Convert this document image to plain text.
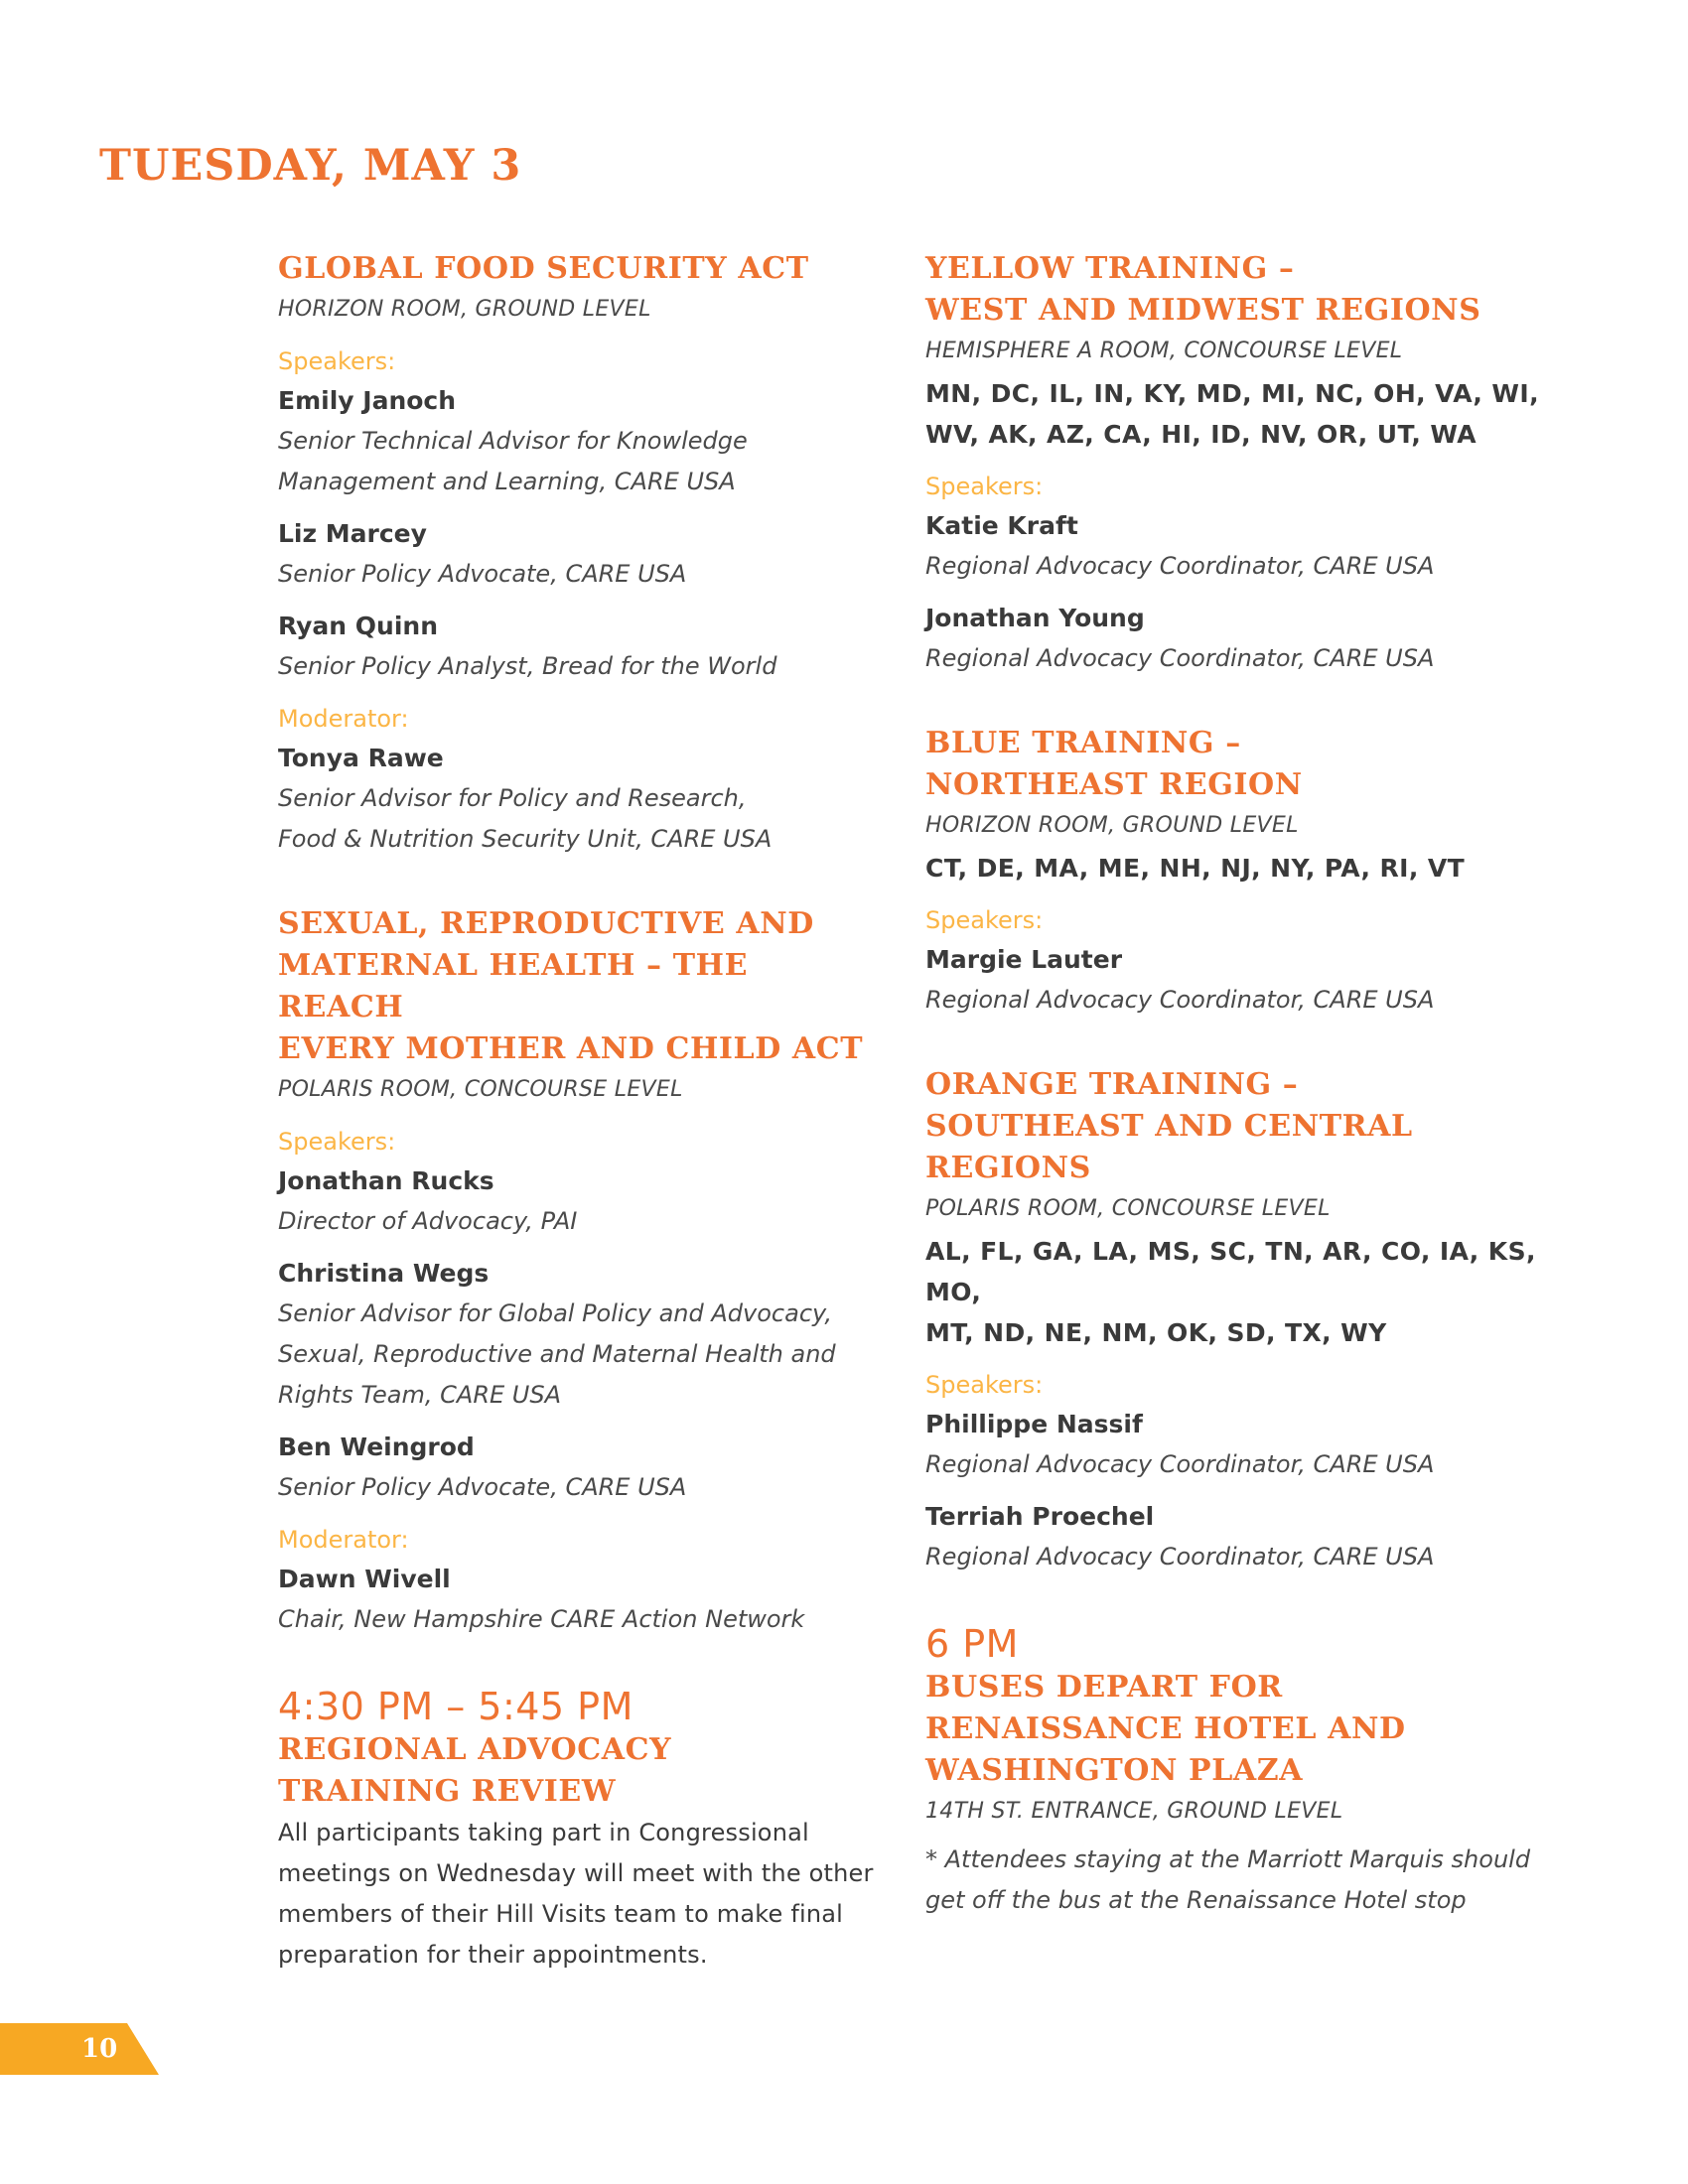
TUESDAY, MAY 3
GLOBAL FOOD SECURITY ACT
HORIZON ROOM, GROUND LEVEL
Speakers:
Emily Janoch
Senior Technical Advisor for Knowledge
Management and Learning, CARE USA
Liz Marcey
Senior Policy Advocate, CARE USA
Ryan Quinn
Senior Policy Analyst, Bread for the World
Moderator:
Tonya Rawe
Senior Advisor for Policy and Research,
Food & Nutrition Security Unit, CARE USA
SEXUAL, REPRODUCTIVE AND
MATERNAL HEALTH – THE REACH
EVERY MOTHER AND CHILD ACT
POLARIS ROOM, CONCOURSE LEVEL
Speakers:
Jonathan Rucks
Director of Advocacy, PAI
Christina Wegs
Senior Advisor for Global Policy and Advocacy,
Sexual, Reproductive and Maternal Health and
Rights Team, CARE USA
Ben Weingrod
Senior Policy Advocate, CARE USA
Moderator:
Dawn Wivell
Chair, New Hampshire CARE Action Network
4:30 PM – 5:45 PM
REGIONAL ADVOCACY
TRAINING REVIEW
All participants taking part in Congressional
meetings on Wednesday will meet with the other
members of their Hill Visits team to make final
preparation for their appointments.
YELLOW TRAINING –
WEST AND MIDWEST REGIONS
HEMISPHERE A ROOM, CONCOURSE LEVEL
MN, DC, IL, IN, KY, MD, MI, NC, OH, VA, WI,
WV, AK, AZ, CA, HI, ID, NV, OR, UT, WA
Speakers:
Katie Kraft
Regional Advocacy Coordinator, CARE USA
Jonathan Young
Regional Advocacy Coordinator, CARE USA
BLUE TRAINING –
NORTHEAST REGION
HORIZON ROOM, GROUND LEVEL
CT, DE, MA, ME, NH, NJ, NY, PA, RI, VT
Speakers:
Margie Lauter
Regional Advocacy Coordinator, CARE USA
ORANGE TRAINING –
SOUTHEAST AND CENTRAL REGIONS
POLARIS ROOM, CONCOURSE LEVEL
AL, FL, GA, LA, MS, SC, TN, AR, CO, IA, KS, MO,
MT, ND, NE, NM, OK, SD, TX, WY
Speakers:
Phillippe Nassif
Regional Advocacy Coordinator, CARE USA
Terriah Proechel
Regional Advocacy Coordinator, CARE USA
6 PM
BUSES DEPART FOR
RENAISSANCE HOTEL AND
WASHINGTON PLAZA
14TH ST. ENTRANCE, GROUND LEVEL
* Attendees staying at the Marriott Marquis should
get off the bus at the Renaissance Hotel stop
10
